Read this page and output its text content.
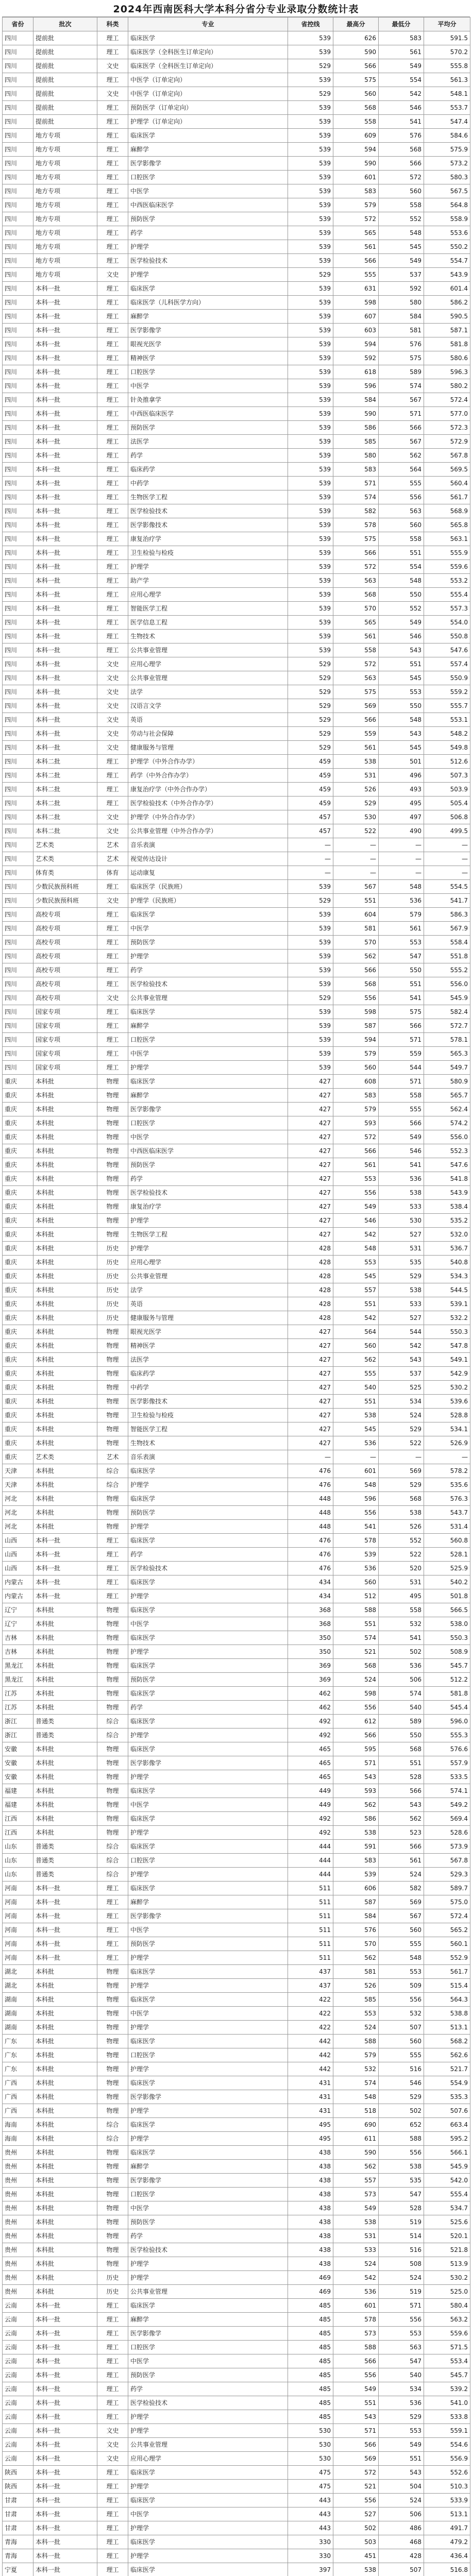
2024年西南医科大学本科分省分专业录取分数统计表
省份	批次	科类	专业	省控线	最高分	最低分	平均分
四川	提前批	理工	临床医学	539	626	583	591.5
四川	提前批	理工	临床医学（全科医生订单定向）	539	590	561	570.2
四川	提前批	文史	临床医学（全科医生订单定向）	529	566	549	555.8
四川	提前批	理工	中医学（订单定向）	539	575	554	561.3
四川	提前批	文史	中医学（订单定向）	529	560	542	548.1
四川	提前批	理工	预防医学（订单定向）	539	568	546	553.7
四川	提前批	理工	护理学（订单定向）	539	558	541	547.4
四川	地方专项	理工	临床医学	539	609	576	584.6
四川	地方专项	理工	麻醉学	539	594	568	575.9
四川	地方专项	理工	医学影像学	539	590	566	573.2
四川	地方专项	理工	口腔医学	539	601	572	580.3
四川	地方专项	理工	中医学	539	583	560	567.5
四川	地方专项	理工	中西医临床医学	539	579	558	564.8
四川	地方专项	理工	预防医学	539	572	552	558.9
四川	地方专项	理工	药学	539	565	548	553.6
四川	地方专项	理工	护理学	539	561	545	550.2
四川	地方专项	理工	医学检验技术	539	566	549	554.7
四川	地方专项	文史	护理学	529	555	537	543.9
四川	本科一批	理工	临床医学	539	631	592	601.4
四川	本科一批	理工	临床医学（儿科医学方向）	539	598	580	586.2
四川	本科一批	理工	麻醉学	539	607	584	590.5
四川	本科一批	理工	医学影像学	539	603	581	587.1
四川	本科一批	理工	眼视光医学	539	594	576	581.8
四川	本科一批	理工	精神医学	539	592	575	580.6
四川	本科一批	理工	口腔医学	539	618	589	596.3
四川	本科一批	理工	中医学	539	596	574	580.2
四川	本科一批	理工	针灸推拿学	539	584	567	572.4
四川	本科一批	理工	中西医临床医学	539	590	571	577.0
四川	本科一批	理工	预防医学	539	586	566	572.3
四川	本科一批	理工	法医学	539	585	567	572.9
四川	本科一批	理工	药学	539	580	562	567.8
四川	本科一批	理工	临床药学	539	583	564	569.5
四川	本科一批	理工	中药学	539	571	555	560.4
四川	本科一批	理工	生物医学工程	539	574	556	561.7
四川	本科一批	理工	医学检验技术	539	582	563	568.9
四川	本科一批	理工	医学影像技术	539	578	560	565.8
四川	本科一批	理工	康复治疗学	539	575	558	563.1
四川	本科一批	理工	卫生检验与检疫	539	566	551	555.9
四川	本科一批	理工	护理学	539	572	554	559.6
四川	本科一批	理工	助产学	539	563	548	553.2
四川	本科一批	理工	应用心理学	539	568	550	555.4
四川	本科一批	理工	智能医学工程	539	570	552	557.3
四川	本科一批	理工	医学信息工程	539	565	549	554.0
四川	本科一批	理工	生物技术	539	561	546	550.8
四川	本科一批	理工	公共事业管理	539	558	543	547.6
四川	本科一批	文史	应用心理学	529	572	551	557.4
四川	本科一批	文史	公共事业管理	529	563	545	550.9
四川	本科一批	文史	法学	529	575	553	559.2
四川	本科一批	文史	汉语言文学	529	569	550	555.7
四川	本科一批	文史	英语	529	566	548	553.1
四川	本科一批	文史	劳动与社会保障	529	559	543	548.2
四川	本科一批	文史	健康服务与管理	529	561	545	549.8
四川	本科二批	理工	护理学（中外合作办学）	459	538	501	512.6
四川	本科二批	理工	药学（中外合作办学）	459	531	496	507.3
四川	本科二批	理工	康复治疗学（中外合作办学）	459	526	493	503.9
四川	本科二批	理工	医学检验技术（中外合作办学）	459	529	495	505.4
四川	本科二批	文史	护理学（中外合作办学）	457	530	497	506.8
四川	本科二批	文史	公共事业管理（中外合作办学）	457	522	490	499.5
四川	艺术类	艺术	音乐表演	—	—	—	—
四川	艺术类	艺术	视觉传达设计	—	—	—	—
四川	体育类	体育	运动康复	—	—	—	—
四川	少数民族预科班	理工	临床医学（民族班）	539	567	548	554.5
四川	少数民族预科班	文史	护理学（民族班）	529	551	536	541.7
四川	高校专项	理工	临床医学	539	604	579	586.3
四川	高校专项	理工	中医学	539	581	561	567.9
四川	高校专项	理工	预防医学	539	570	553	558.4
四川	高校专项	理工	护理学	539	562	547	551.8
四川	高校专项	理工	药学	539	566	550	555.2
四川	高校专项	理工	医学检验技术	539	568	551	556.0
四川	高校专项	文史	公共事业管理	529	556	541	545.9
四川	国家专项	理工	临床医学	539	598	575	582.4
四川	国家专项	理工	麻醉学	539	587	566	572.7
四川	国家专项	理工	口腔医学	539	594	571	578.1
四川	国家专项	理工	中医学	539	579	559	565.3
四川	国家专项	理工	护理学	539	560	544	549.7
重庆	本科批	物理	临床医学	427	608	571	580.9
重庆	本科批	物理	麻醉学	427	583	558	565.7
重庆	本科批	物理	医学影像学	427	579	555	562.4
重庆	本科批	物理	口腔医学	427	593	566	574.2
重庆	本科批	物理	中医学	427	572	549	556.0
重庆	本科批	物理	中西医临床医学	427	566	546	552.3
重庆	本科批	物理	预防医学	427	561	541	547.6
重庆	本科批	物理	药学	427	553	536	541.8
重庆	本科批	物理	医学检验技术	427	556	538	543.9
重庆	本科批	物理	康复治疗学	427	549	533	538.4
重庆	本科批	物理	护理学	427	546	530	535.2
重庆	本科批	物理	生物医学工程	427	542	527	532.0
重庆	本科批	历史	护理学	428	548	531	536.7
重庆	本科批	历史	应用心理学	428	553	535	540.8
重庆	本科批	历史	公共事业管理	428	545	529	534.3
重庆	本科批	历史	法学	428	557	538	544.5
重庆	本科批	历史	英语	428	551	533	539.1
重庆	本科批	历史	健康服务与管理	428	542	527	532.2
重庆	本科批	物理	眼视光医学	427	564	544	550.3
重庆	本科批	物理	精神医学	427	560	542	547.8
重庆	本科批	物理	法医学	427	562	543	549.1
重庆	本科批	物理	临床药学	427	555	537	542.9
重庆	本科批	物理	中药学	427	540	525	530.2
重庆	本科批	物理	医学影像技术	427	551	534	539.6
重庆	本科批	物理	卫生检验与检疫	427	538	524	528.8
重庆	本科批	物理	智能医学工程	427	545	529	534.1
重庆	本科批	物理	生物技术	427	536	522	526.9
重庆	艺术类	艺术	音乐表演	—	—	—	—
天津	本科批	综合	临床医学	476	601	569	578.2
天津	本科批	综合	护理学	476	548	529	535.6
河北	本科批	物理	临床医学	448	596	568	576.3
河北	本科批	物理	预防医学	448	556	538	543.7
河北	本科批	物理	护理学	448	541	526	531.4
山西	本科一批	理工	临床医学	476	578	552	560.8
山西	本科一批	理工	药学	476	539	522	528.1
山西	本科一批	理工	医学检验技术	476	536	520	525.9
内蒙古	本科一批	理工	临床医学	434	560	531	540.2
内蒙古	本科一批	理工	护理学	434	512	495	501.8
辽宁	本科批	物理	临床医学	368	588	558	566.5
辽宁	本科批	物理	中医学	368	551	532	538.0
吉林	本科批	物理	临床医学	350	574	541	550.3
吉林	本科批	物理	护理学	350	521	502	508.9
黑龙江	本科批	物理	临床医学	369	568	536	545.7
黑龙江	本科批	物理	预防医学	369	524	506	512.2
江苏	本科批	物理	临床医学	462	598	574	581.8
江苏	本科批	物理	药学	462	556	540	545.4
浙江	普通类	综合	临床医学	492	612	589	596.0
浙江	普通类	综合	护理学	492	566	550	555.3
安徽	本科批	物理	临床医学	465	595	568	576.6
安徽	本科批	物理	医学影像学	465	571	551	557.9
安徽	本科批	物理	护理学	465	543	528	533.5
福建	本科批	物理	临床医学	449	593	566	574.1
福建	本科批	物理	中医学	449	562	543	549.2
江西	本科批	物理	临床医学	492	586	562	569.4
江西	本科批	物理	护理学	492	538	523	528.6
山东	普通类	综合	临床医学	444	591	566	573.9
山东	普通类	综合	口腔医学	444	583	561	567.8
山东	普通类	综合	护理学	444	539	524	529.3
河南	本科一批	理工	临床医学	511	606	582	589.7
河南	本科一批	理工	麻醉学	511	587	569	575.0
河南	本科一批	理工	医学影像学	511	584	567	572.4
河南	本科一批	理工	中医学	511	576	560	565.2
河南	本科一批	理工	预防医学	511	570	555	560.1
河南	本科一批	理工	护理学	511	562	548	552.9
湖北	本科批	物理	临床医学	437	581	553	561.7
湖北	本科批	物理	护理学	437	526	509	515.4
湖南	本科批	物理	临床医学	422	585	556	564.3
湖南	本科批	物理	中医学	422	553	532	538.8
湖南	本科批	物理	护理学	422	524	507	513.1
广东	本科批	物理	临床医学	442	588	560	568.2
广东	本科批	物理	口腔医学	442	579	555	562.6
广东	本科批	物理	护理学	442	532	516	521.7
广西	本科批	物理	临床医学	431	574	546	554.9
广西	本科批	物理	医学影像学	431	548	529	535.3
广西	本科批	物理	护理学	431	518	502	507.6
海南	本科批	综合	临床医学	495	690	652	663.4
海南	本科批	综合	护理学	495	611	588	595.2
贵州	本科批	物理	临床医学	438	590	556	566.1
贵州	本科批	物理	麻醉学	438	562	538	545.9
贵州	本科批	物理	医学影像学	438	557	535	542.0
贵州	本科批	物理	口腔医学	438	573	547	555.4
贵州	本科批	物理	中医学	438	549	528	534.7
贵州	本科批	物理	预防医学	438	538	519	525.6
贵州	本科批	物理	药学	438	531	514	520.1
贵州	本科批	物理	医学检验技术	438	533	516	521.8
贵州	本科批	物理	护理学	438	524	508	513.9
贵州	本科批	历史	护理学	469	542	524	530.2
贵州	本科批	历史	公共事业管理	469	536	519	525.0
云南	本科一批	理工	临床医学	485	601	571	580.4
云南	本科一批	理工	麻醉学	485	578	556	563.2
云南	本科一批	理工	医学影像学	485	573	553	559.6
云南	本科一批	理工	口腔医学	485	588	563	571.5
云南	本科一批	理工	中医学	485	566	547	553.4
云南	本科一批	理工	预防医学	485	556	540	545.7
云南	本科一批	理工	药学	485	549	534	539.2
云南	本科一批	理工	医学检验技术	485	551	536	541.0
云南	本科一批	理工	护理学	485	543	529	533.8
云南	本科一批	文史	护理学	530	571	553	559.1
云南	本科一批	文史	公共事业管理	530	566	549	554.6
云南	本科一批	文史	应用心理学	530	569	551	556.9
陕西	本科一批	理工	临床医学	475	572	543	552.6
陕西	本科一批	理工	护理学	475	521	504	510.3
甘肃	本科一批	理工	临床医学	443	556	524	533.9
甘肃	本科一批	理工	中医学	443	527	506	513.1
甘肃	本科一批	理工	护理学	443	502	486	491.7
青海	本科一批	理工	临床医学	330	503	468	479.2
青海	本科一批	理工	护理学	330	451	428	436.4
宁夏	本科一批	理工	临床医学	397	538	507	516.8
